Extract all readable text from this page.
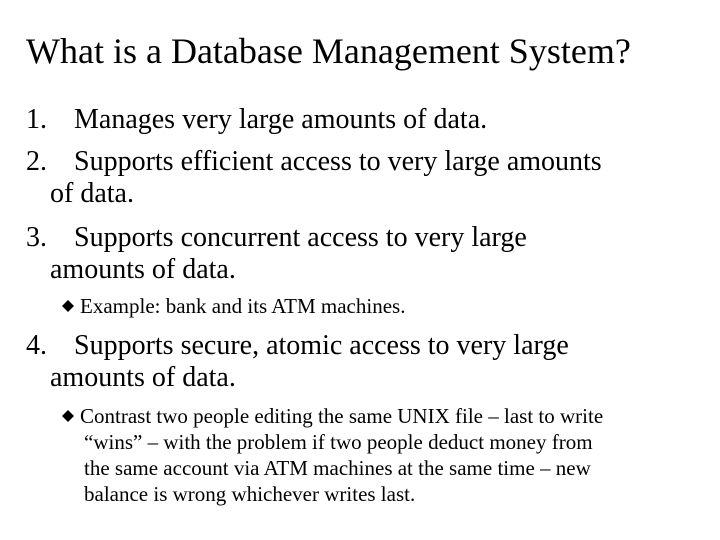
What is a Database Management System?
1. Manages very large amounts of data.
2. Supports efficient access to very large amounts
of data.
3. Supports concurrent access to very large
amounts of data.
Example: bank and its ATM machines.
4. Supports secure, atomic access to very large
amounts of data.
Contrast two people editing the same UNIX file – last to write
“wins” – with the problem if two people deduct money from
the same account via ATM machines at the same time – new
balance is wrong whichever writes last.
